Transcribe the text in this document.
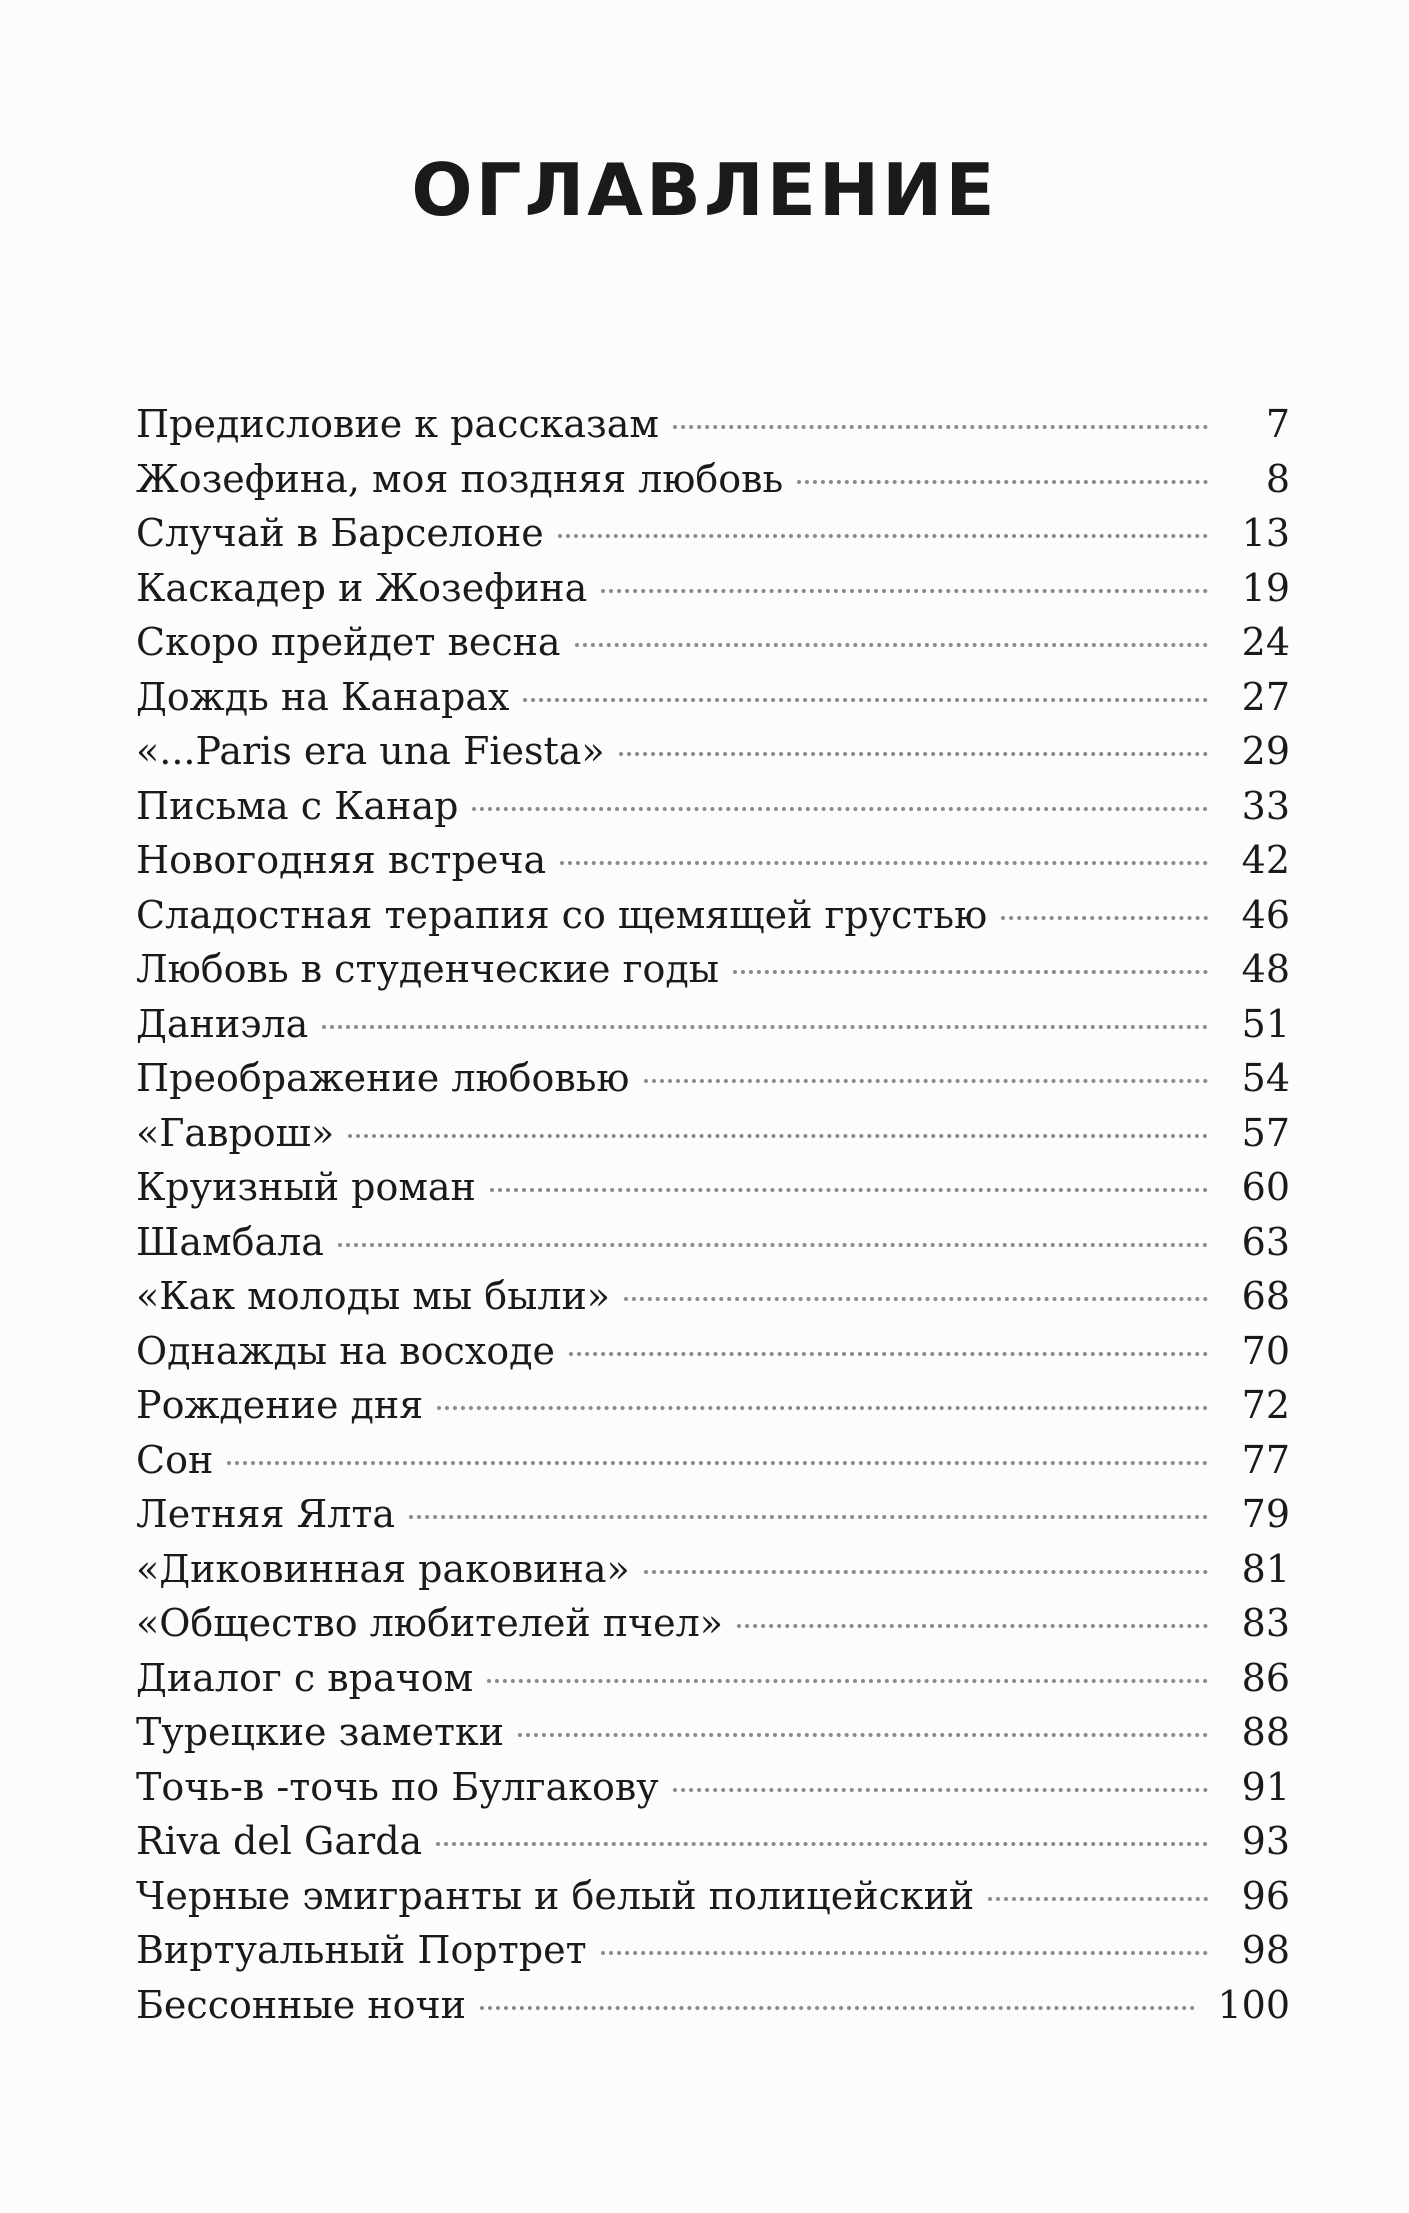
ОГЛАВЛЕНИЕ
Предисловие к рассказам	7
Жозефина, моя поздняя любовь	8
Случай в Барселоне	13
Каскадер и Жозефина	19
Скоро прейдет весна	24
Дождь на Канарах	27
«...Paris era una Fiesta»	29
Письма с Канар	33
Новогодняя встреча	42
Сладостная терапия со щемящей грустью	46
Любовь в студенческие годы	48
Даниэла	51
Преображение любовью	54
«Гаврош»	57
Круизный роман	60
Шамбала	63
«Как молоды мы были»	68
Однажды на восходе	70
Рождение дня	72
Сон	77
Летняя Ялта	79
«Диковинная раковина»	81
«Общество любителей пчел»	83
Диалог с врачом	86
Турецкие заметки	88
Точь-в -точь по Булгакову	91
Riva del Garda	93
Черные эмигранты и белый полицейский	96
Виртуальный Портрет	98
Бессонные ночи	100
